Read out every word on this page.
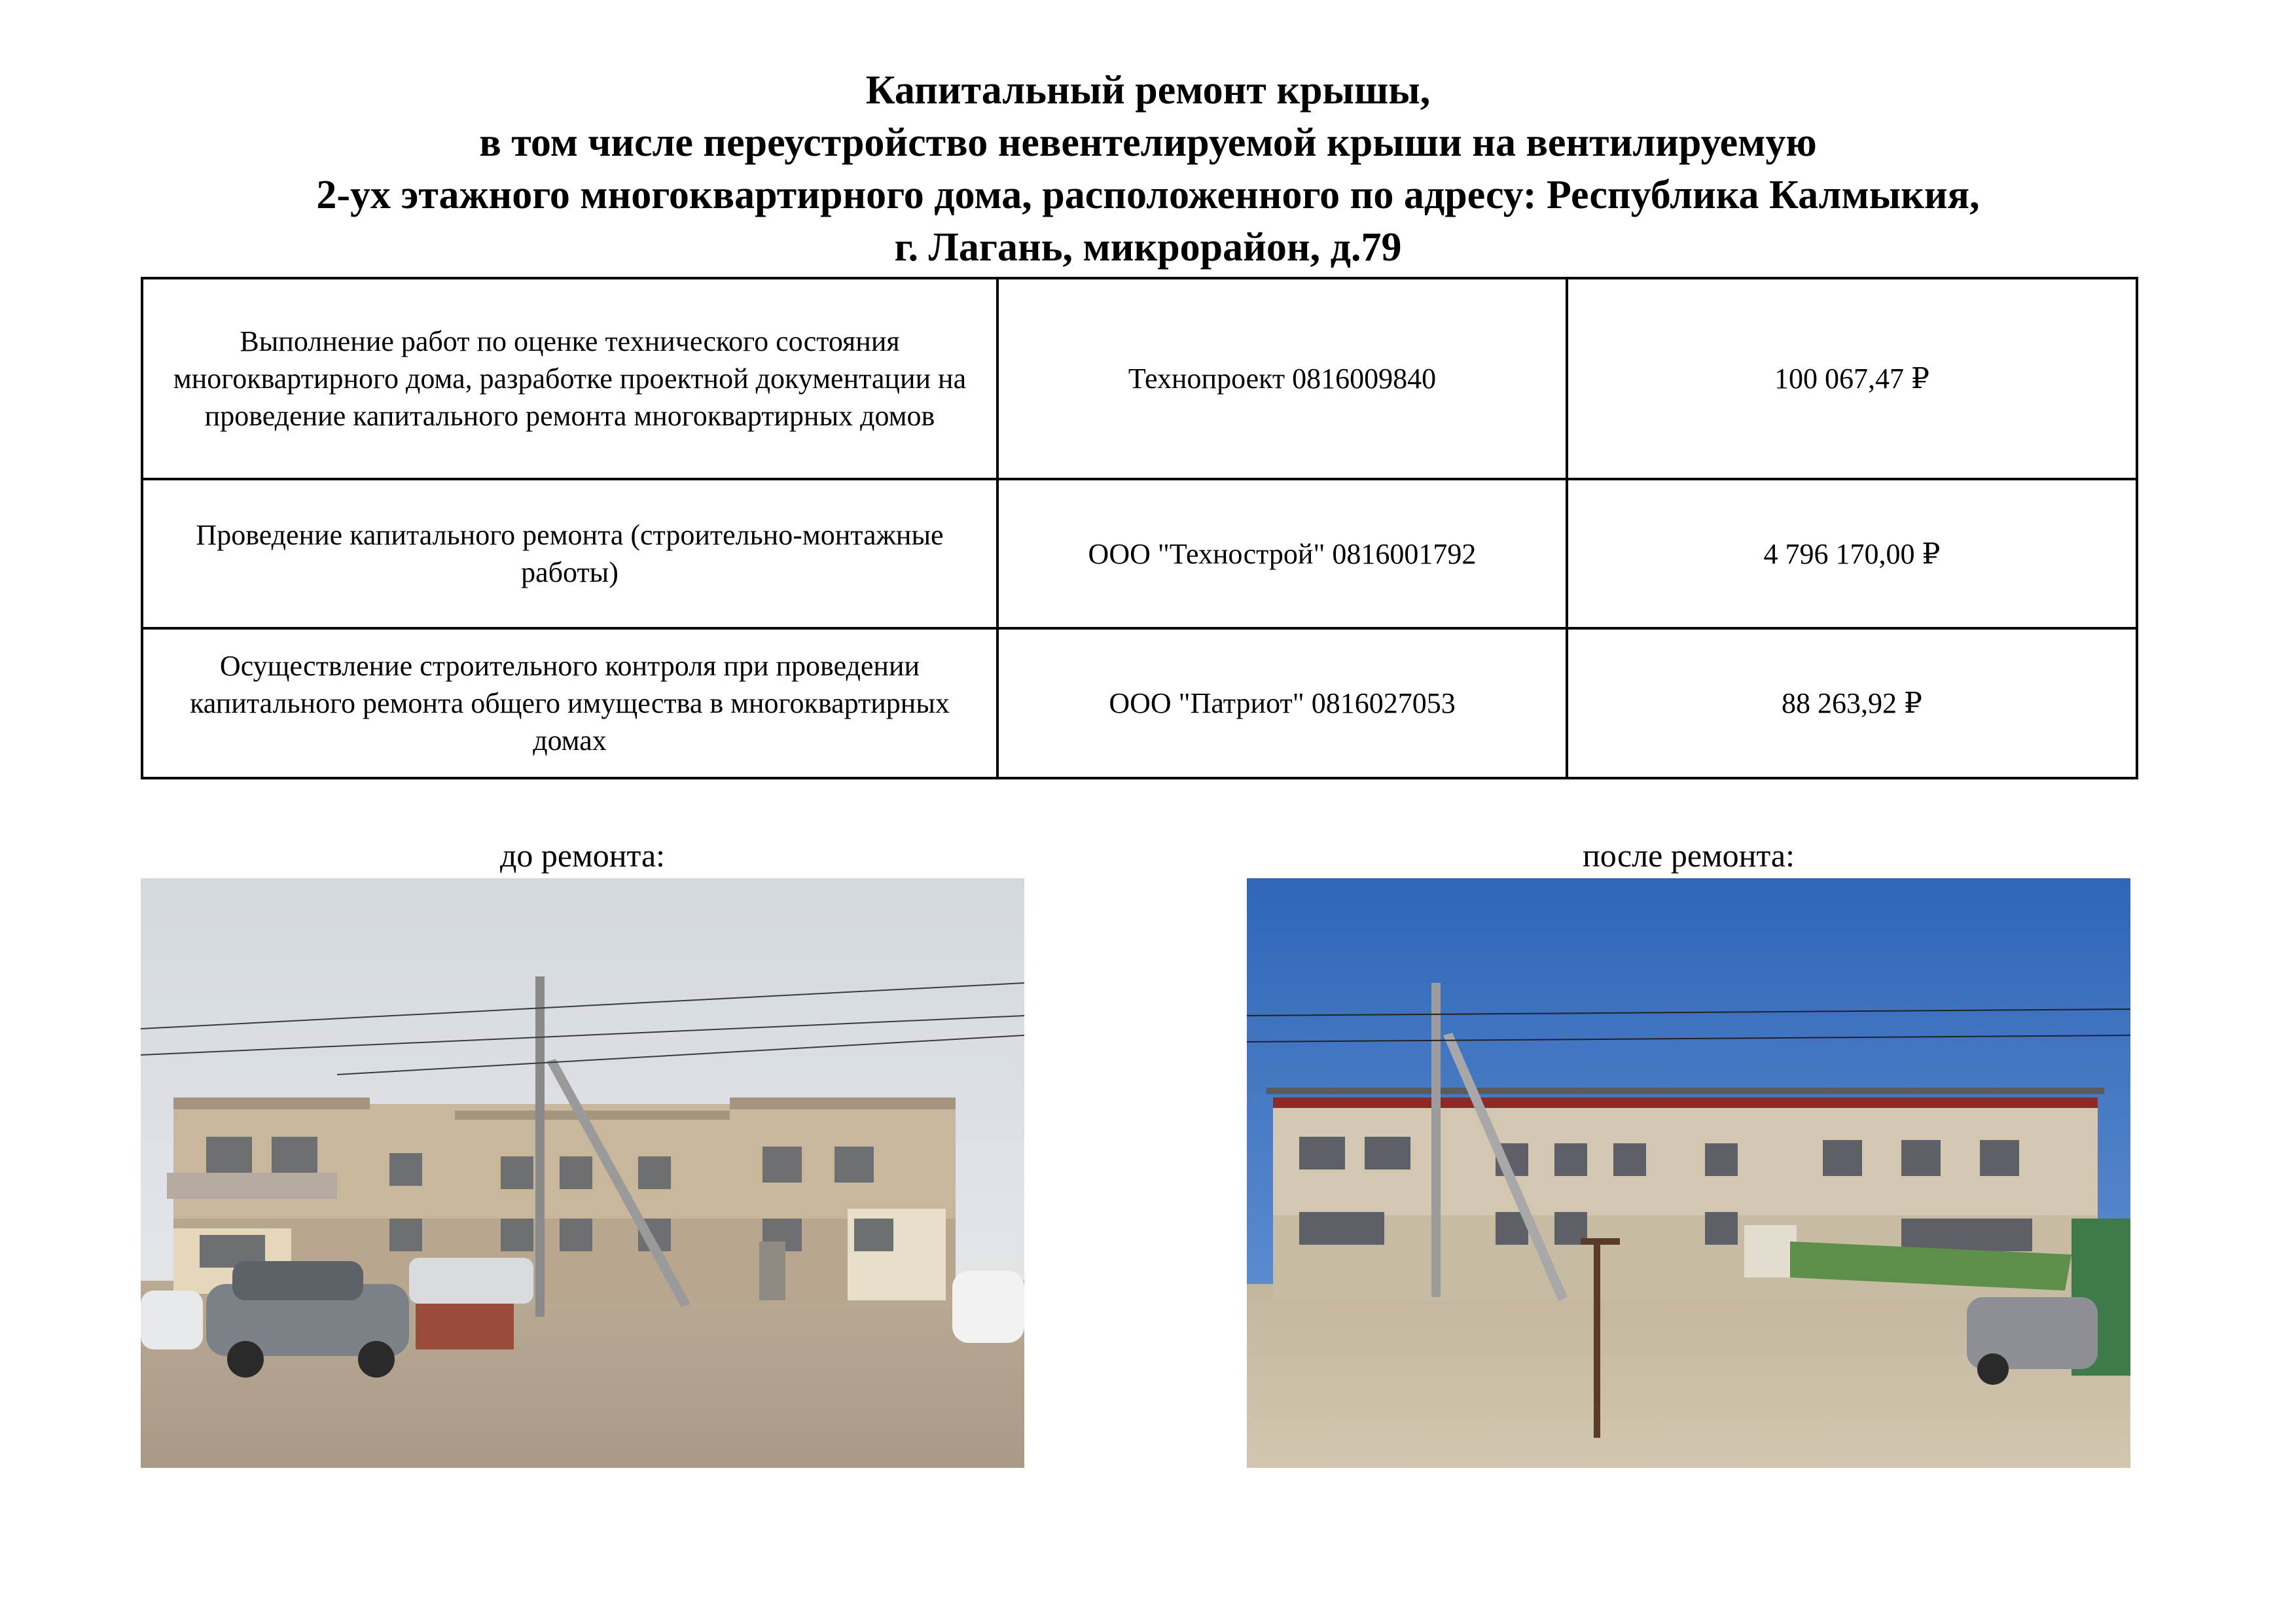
Капитальный ремонт крышы,
в том числе переустройство невентелируемой крыши на вентилируемую
2-ух этажного многоквартирного дома, расположенного по адресу: Республика Калмыкия,
г. Лагань, микрорайон, д.79
Выполнение работ по оценке технического состояния многоквартирного дома, разработке проектной документации на проведение капитального ремонта многоквартирных домов	Технопроект 0816009840	100 067,47 ₽
Проведение капитального ремонта (строительно-монтажные работы)	ООО "Технострой" 0816001792	4 796 170,00 ₽
Осуществление строительного контроля при проведении капитального ремонта общего имущества в многоквартирных домах	ООО "Патриот" 0816027053	88 263,92 ₽
до ремонта:	после ремонта:
